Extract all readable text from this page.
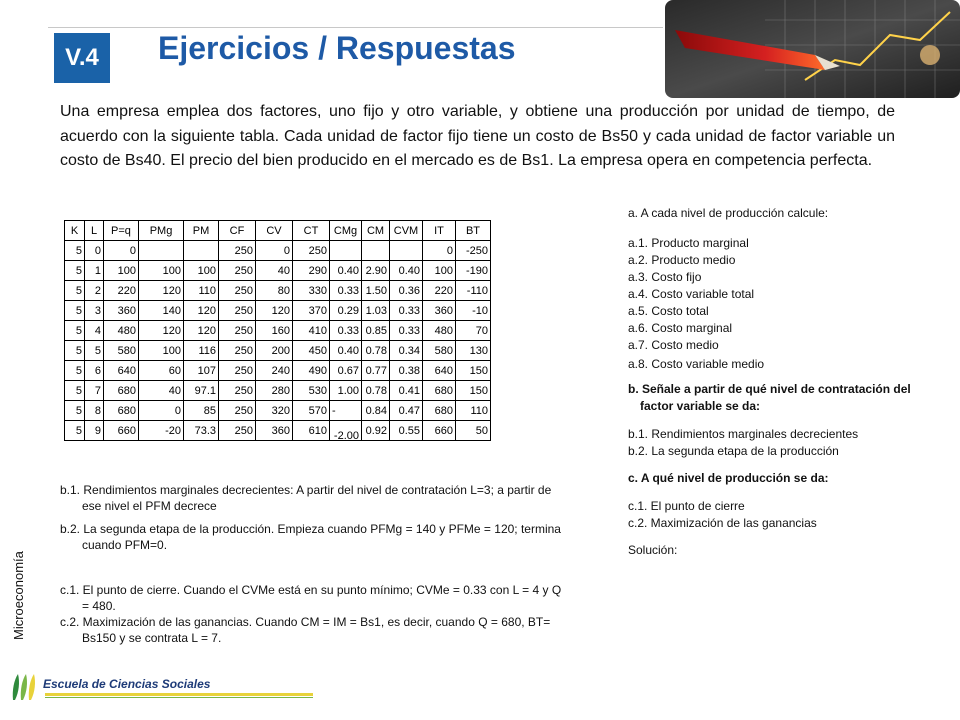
V.4	Ejercicios / Respuestas
Una empresa emplea dos factores, uno fijo y otro variable, y obtiene una producción por unidad de tiempo, de acuerdo con la siguiente tabla. Cada unidad de factor fijo tiene un costo de Bs50 y cada unidad de factor variable un costo de Bs40. El precio del bien producido en el mercado es de Bs1. La empresa opera en competencia perfecta.
K	L	P=q	PMg	PM	CF	CV	CT	CMg	CM	CVM	IT	BT
5	0	0			250	0	250				0	-250
5	1	100	100	100	250	40	290	0.40	2.90	0.40	100	-190
5	2	220	120	110	250	80	330	0.33	1.50	0.36	220	-110
5	3	360	140	120	250	120	370	0.29	1.03	0.33	360	-10
5	4	480	120	120	250	160	410	0.33	0.85	0.33	480	70
5	5	580	100	116	250	200	450	0.40	0.78	0.34	580	130
5	6	640	60	107	250	240	490	0.67	0.77	0.38	640	150
5	7	680	40	97.1	250	280	530	1.00	0.78	0.41	680	150
5	8	680	0	85	250	320	570	-	0.84	0.47	680	110
5	9	660	-20	73.3	250	360	610	-2.00	0.92	0.55	660	50
b.1. Rendimientos marginales decrecientes: A partir del nivel de contratación L=3; a partir de ese nivel el PFM decrece
b.2. La segunda etapa de la producción. Empieza cuando PFMg = 140 y PFMe = 120; termina cuando PFM=0.
c.1. El punto de cierre. Cuando el CVMe está en su punto mínimo; CVMe = 0.33 con L = 4 y Q = 480.
c.2. Maximización de las ganancias. Cuando CM = IM = Bs1, es decir, cuando Q = 680, BT= Bs150 y se contrata L = 7.
a. A cada nivel de producción calcule:
a.1. Producto marginal
a.2. Producto medio
a.3. Costo fijo
a.4. Costo variable total
a.5. Costo total
a.6. Costo marginal
a.7. Costo medio
a.8. Costo variable medio
b. Señale a partir de qué nivel de contratación del factor variable se da:
b.1. Rendimientos marginales decrecientes
b.2. La segunda etapa de la producción
c. A qué nivel de producción se da:
c.1. El punto de cierre
c.2. Maximización de las ganancias
Solución:
Microeconomía
Escuela de Ciencias Sociales
